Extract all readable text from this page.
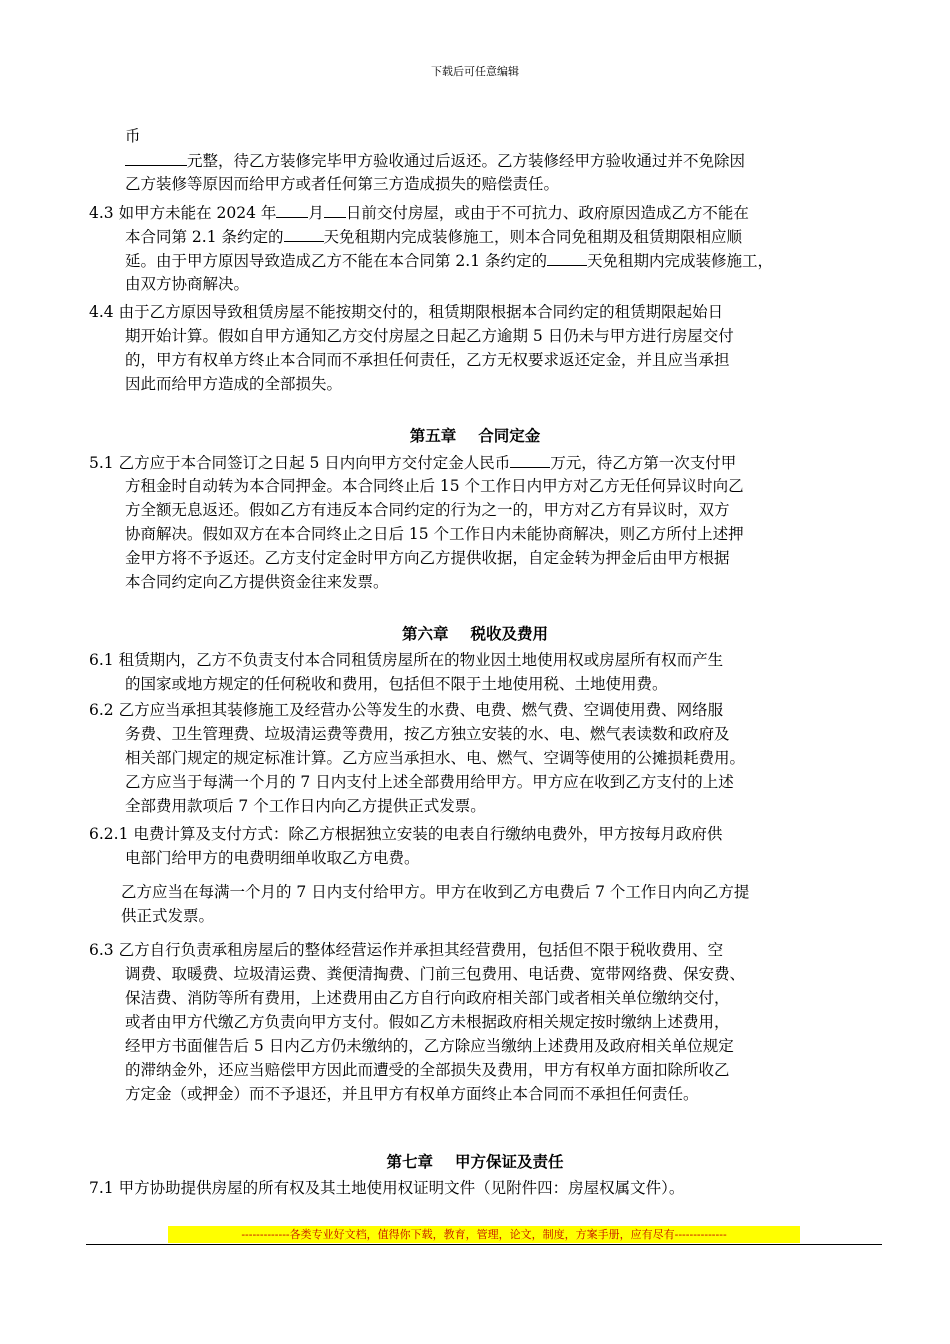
下载后可任意编辑
币
元整，待乙方装修完毕甲方验收通过后返还。乙方装修经甲方验收通过并不免除因
乙方装修等原因而给甲方或者任何第三方造成损失的赔偿责任。
4.3 如甲方未能在 2024 年 月 日前交付房屋，或由于不可抗力、政府原因造成乙方不能在
本合同第 2.1 条约定的	天免租期内完成装修施工，则本合同免租期及租赁期限相应顺
延。由于甲方原因导致造成乙方不能在本合同第 2.1 条约定的	天免租期内完成装修施工，
由双方协商解决。
4.4 由于乙方原因导致租赁房屋不能按期交付的，租赁期限根据本合同约定的租赁期限起始日
期开始计算。假如自甲方通知乙方交付房屋之日起乙方逾期 5 日仍未与甲方进行房屋交付
的，甲方有权单方终止本合同而不承担任何责任，乙方无权要求返还定金，并且应当承担
因此而给甲方造成的全部损失。
第五章 合同定金
5.1 乙方应于本合同签订之日起 5 日内向甲方交付定金人民币	万元，待乙方第一次支付甲
方租金时自动转为本合同押金。本合同终止后 15 个工作日内甲方对乙方无任何异议时向乙
方全额无息返还。假如乙方有违反本合同约定的行为之一的，甲方对乙方有异议时，双方
协商解决。假如双方在本合同终止之日后 15 个工作日内未能协商解决，则乙方所付上述押
金甲方将不予返还。乙方支付定金时甲方向乙方提供收据，自定金转为押金后由甲方根据
本合同约定向乙方提供资金往来发票。
第六章 税收及费用
6.1 租赁期内，乙方不负责支付本合同租赁房屋所在的物业因土地使用权或房屋所有权而产生
的国家或地方规定的任何税收和费用，包括但不限于土地使用税、土地使用费。
6.2 乙方应当承担其装修施工及经营办公等发生的水费、电费、燃气费、空调使用费、网络服
务费、卫生管理费、垃圾清运费等费用，按乙方独立安装的水、电、燃气表读数和政府及
相关部门规定的规定标准计算。乙方应当承担水、电、燃气、空调等使用的公摊损耗费用。
乙方应当于每满一个月的 7 日内支付上述全部费用给甲方。甲方应在收到乙方支付的上述
全部费用款项后 7 个工作日内向乙方提供正式发票。
6.2.1 电费计算及支付方式：除乙方根据独立安装的电表自行缴纳电费外，甲方按每月政府供
电部门给甲方的电费明细单收取乙方电费。
乙方应当在每满一个月的 7 日内支付给甲方。甲方在收到乙方电费后 7 个工作日内向乙方提
供正式发票。
6.3 乙方自行负责承租房屋后的整体经营运作并承担其经营费用，包括但不限于税收费用、空
调费、取暖费、垃圾清运费、粪便清掏费、门前三包费用、电话费、宽带网络费、保安费、
保洁费、消防等所有费用，上述费用由乙方自行向政府相关部门或者相关单位缴纳交付，
或者由甲方代缴乙方负责向甲方支付。假如乙方未根据政府相关规定按时缴纳上述费用，
经甲方书面催告后 5 日内乙方仍未缴纳的，乙方除应当缴纳上述费用及政府相关单位规定
的滞纳金外，还应当赔偿甲方因此而遭受的全部损失及费用，甲方有权单方面扣除所收乙
方定金（或押金）而不予退还，并且甲方有权单方面终止本合同而不承担任何责任。
第七章 甲方保证及责任
7.1 甲方协助提供房屋的所有权及其土地使用权证明文件（见附件四：房屋权属文件）。
-------------各类专业好文档，值得你下载，教育，管理，论文，制度，方案手册，应有尽有--------------
